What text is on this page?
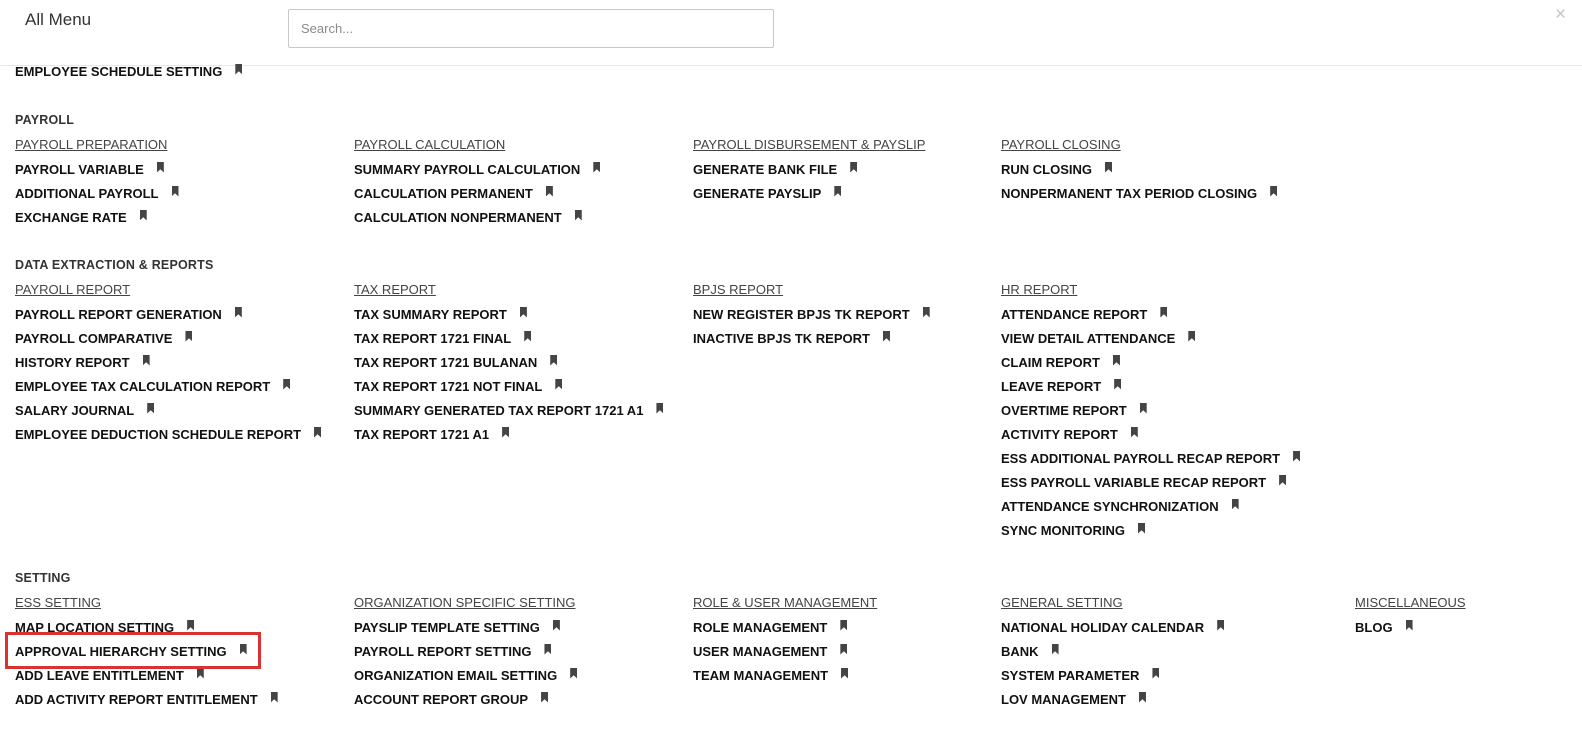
All Menu
Search...	×
EMPLOYEE SCHEDULE SETTING
PAYROLL
PAYROLL PREPARATION
PAYROLL VARIABLE
ADDITIONAL PAYROLL
EXCHANGE RATE
PAYROLL CALCULATION
SUMMARY PAYROLL CALCULATION
CALCULATION PERMANENT
CALCULATION NONPERMANENT
PAYROLL DISBURSEMENT & PAYSLIP
GENERATE BANK FILE
GENERATE PAYSLIP
PAYROLL CLOSING
RUN CLOSING
NONPERMANENT TAX PERIOD CLOSING
DATA EXTRACTION & REPORTS
PAYROLL REPORT
PAYROLL REPORT GENERATION
PAYROLL COMPARATIVE
HISTORY REPORT
EMPLOYEE TAX CALCULATION REPORT
SALARY JOURNAL
EMPLOYEE DEDUCTION SCHEDULE REPORT
TAX REPORT
TAX SUMMARY REPORT
TAX REPORT 1721 FINAL
TAX REPORT 1721 BULANAN
TAX REPORT 1721 NOT FINAL
SUMMARY GENERATED TAX REPORT 1721 A1
TAX REPORT 1721 A1
BPJS REPORT
NEW REGISTER BPJS TK REPORT
INACTIVE BPJS TK REPORT
HR REPORT
ATTENDANCE REPORT
VIEW DETAIL ATTENDANCE
CLAIM REPORT
LEAVE REPORT
OVERTIME REPORT
ACTIVITY REPORT
ESS ADDITIONAL PAYROLL RECAP REPORT
ESS PAYROLL VARIABLE RECAP REPORT
ATTENDANCE SYNCHRONIZATION
SYNC MONITORING
SETTING
ESS SETTING
MAP LOCATION SETTING
APPROVAL HIERARCHY SETTING
ADD LEAVE ENTITLEMENT
ADD ACTIVITY REPORT ENTITLEMENT
ORGANIZATION SPECIFIC SETTING
PAYSLIP TEMPLATE SETTING
PAYROLL REPORT SETTING
ORGANIZATION EMAIL SETTING
ACCOUNT REPORT GROUP
ROLE & USER MANAGEMENT
ROLE MANAGEMENT
USER MANAGEMENT
TEAM MANAGEMENT
GENERAL SETTING
NATIONAL HOLIDAY CALENDAR
BANK
SYSTEM PARAMETER
LOV MANAGEMENT
MISCELLANEOUS
BLOG
